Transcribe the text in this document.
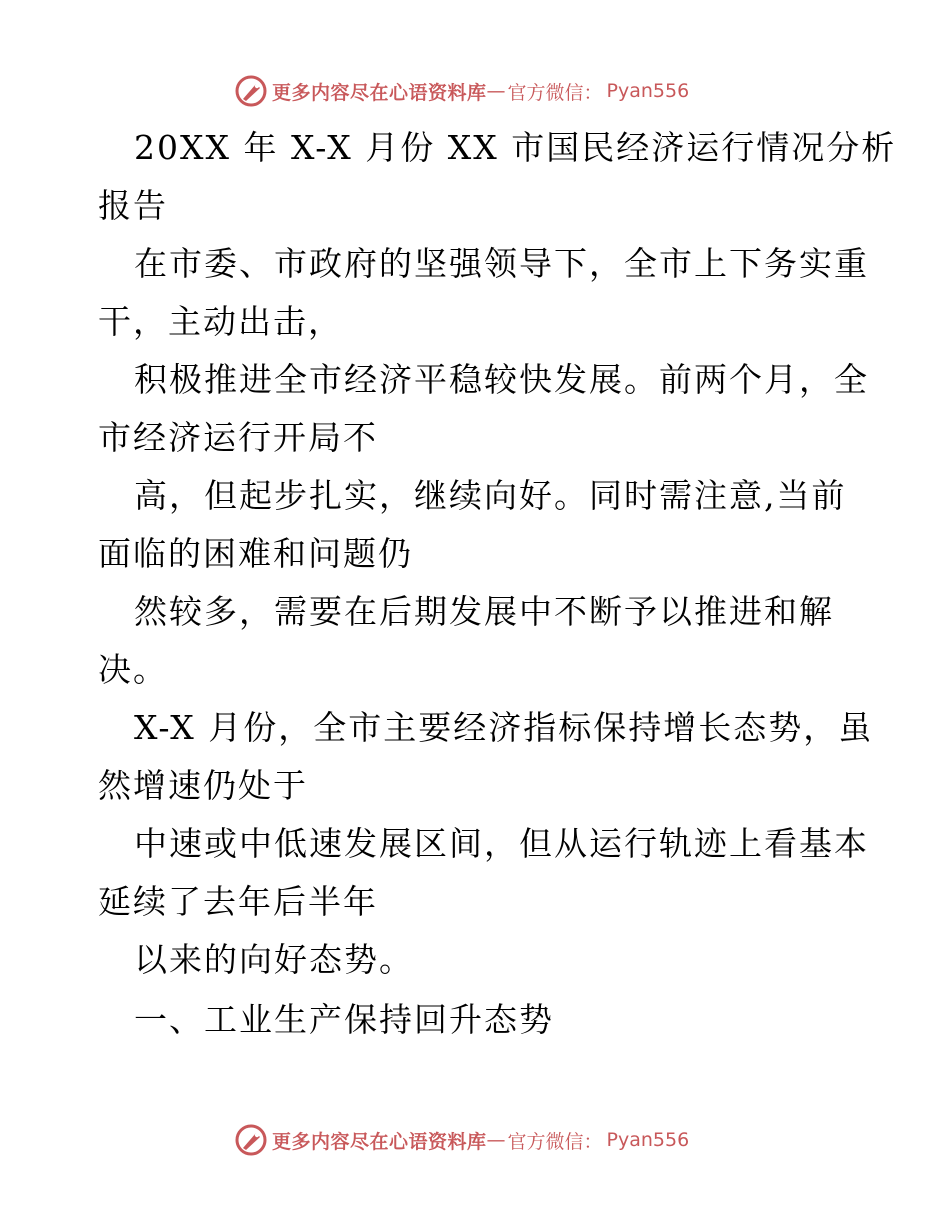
更多内容尽在心语资料库 — 官方微信： Pyan556
20XX 年 X-X 月份 XX 市国民经济运行情况分析
报告
在市委、市政府的坚强领导下，全市上下务实重
干，主动出击，
积极推进全市经济平稳较快发展。前两个月，全
市经济运行开局不
高，但起步扎实，继续向好。同时需注意,当前
面临的困难和问题仍
然较多，需要在后期发展中不断予以推进和解
决。
X-X 月份，全市主要经济指标保持增长态势，虽
然增速仍处于
中速或中低速发展区间，但从运行轨迹上看基本
延续了去年后半年
以来的向好态势。
一、工业生产保持回升态势
更多内容尽在心语资料库 — 官方微信： Pyan556
